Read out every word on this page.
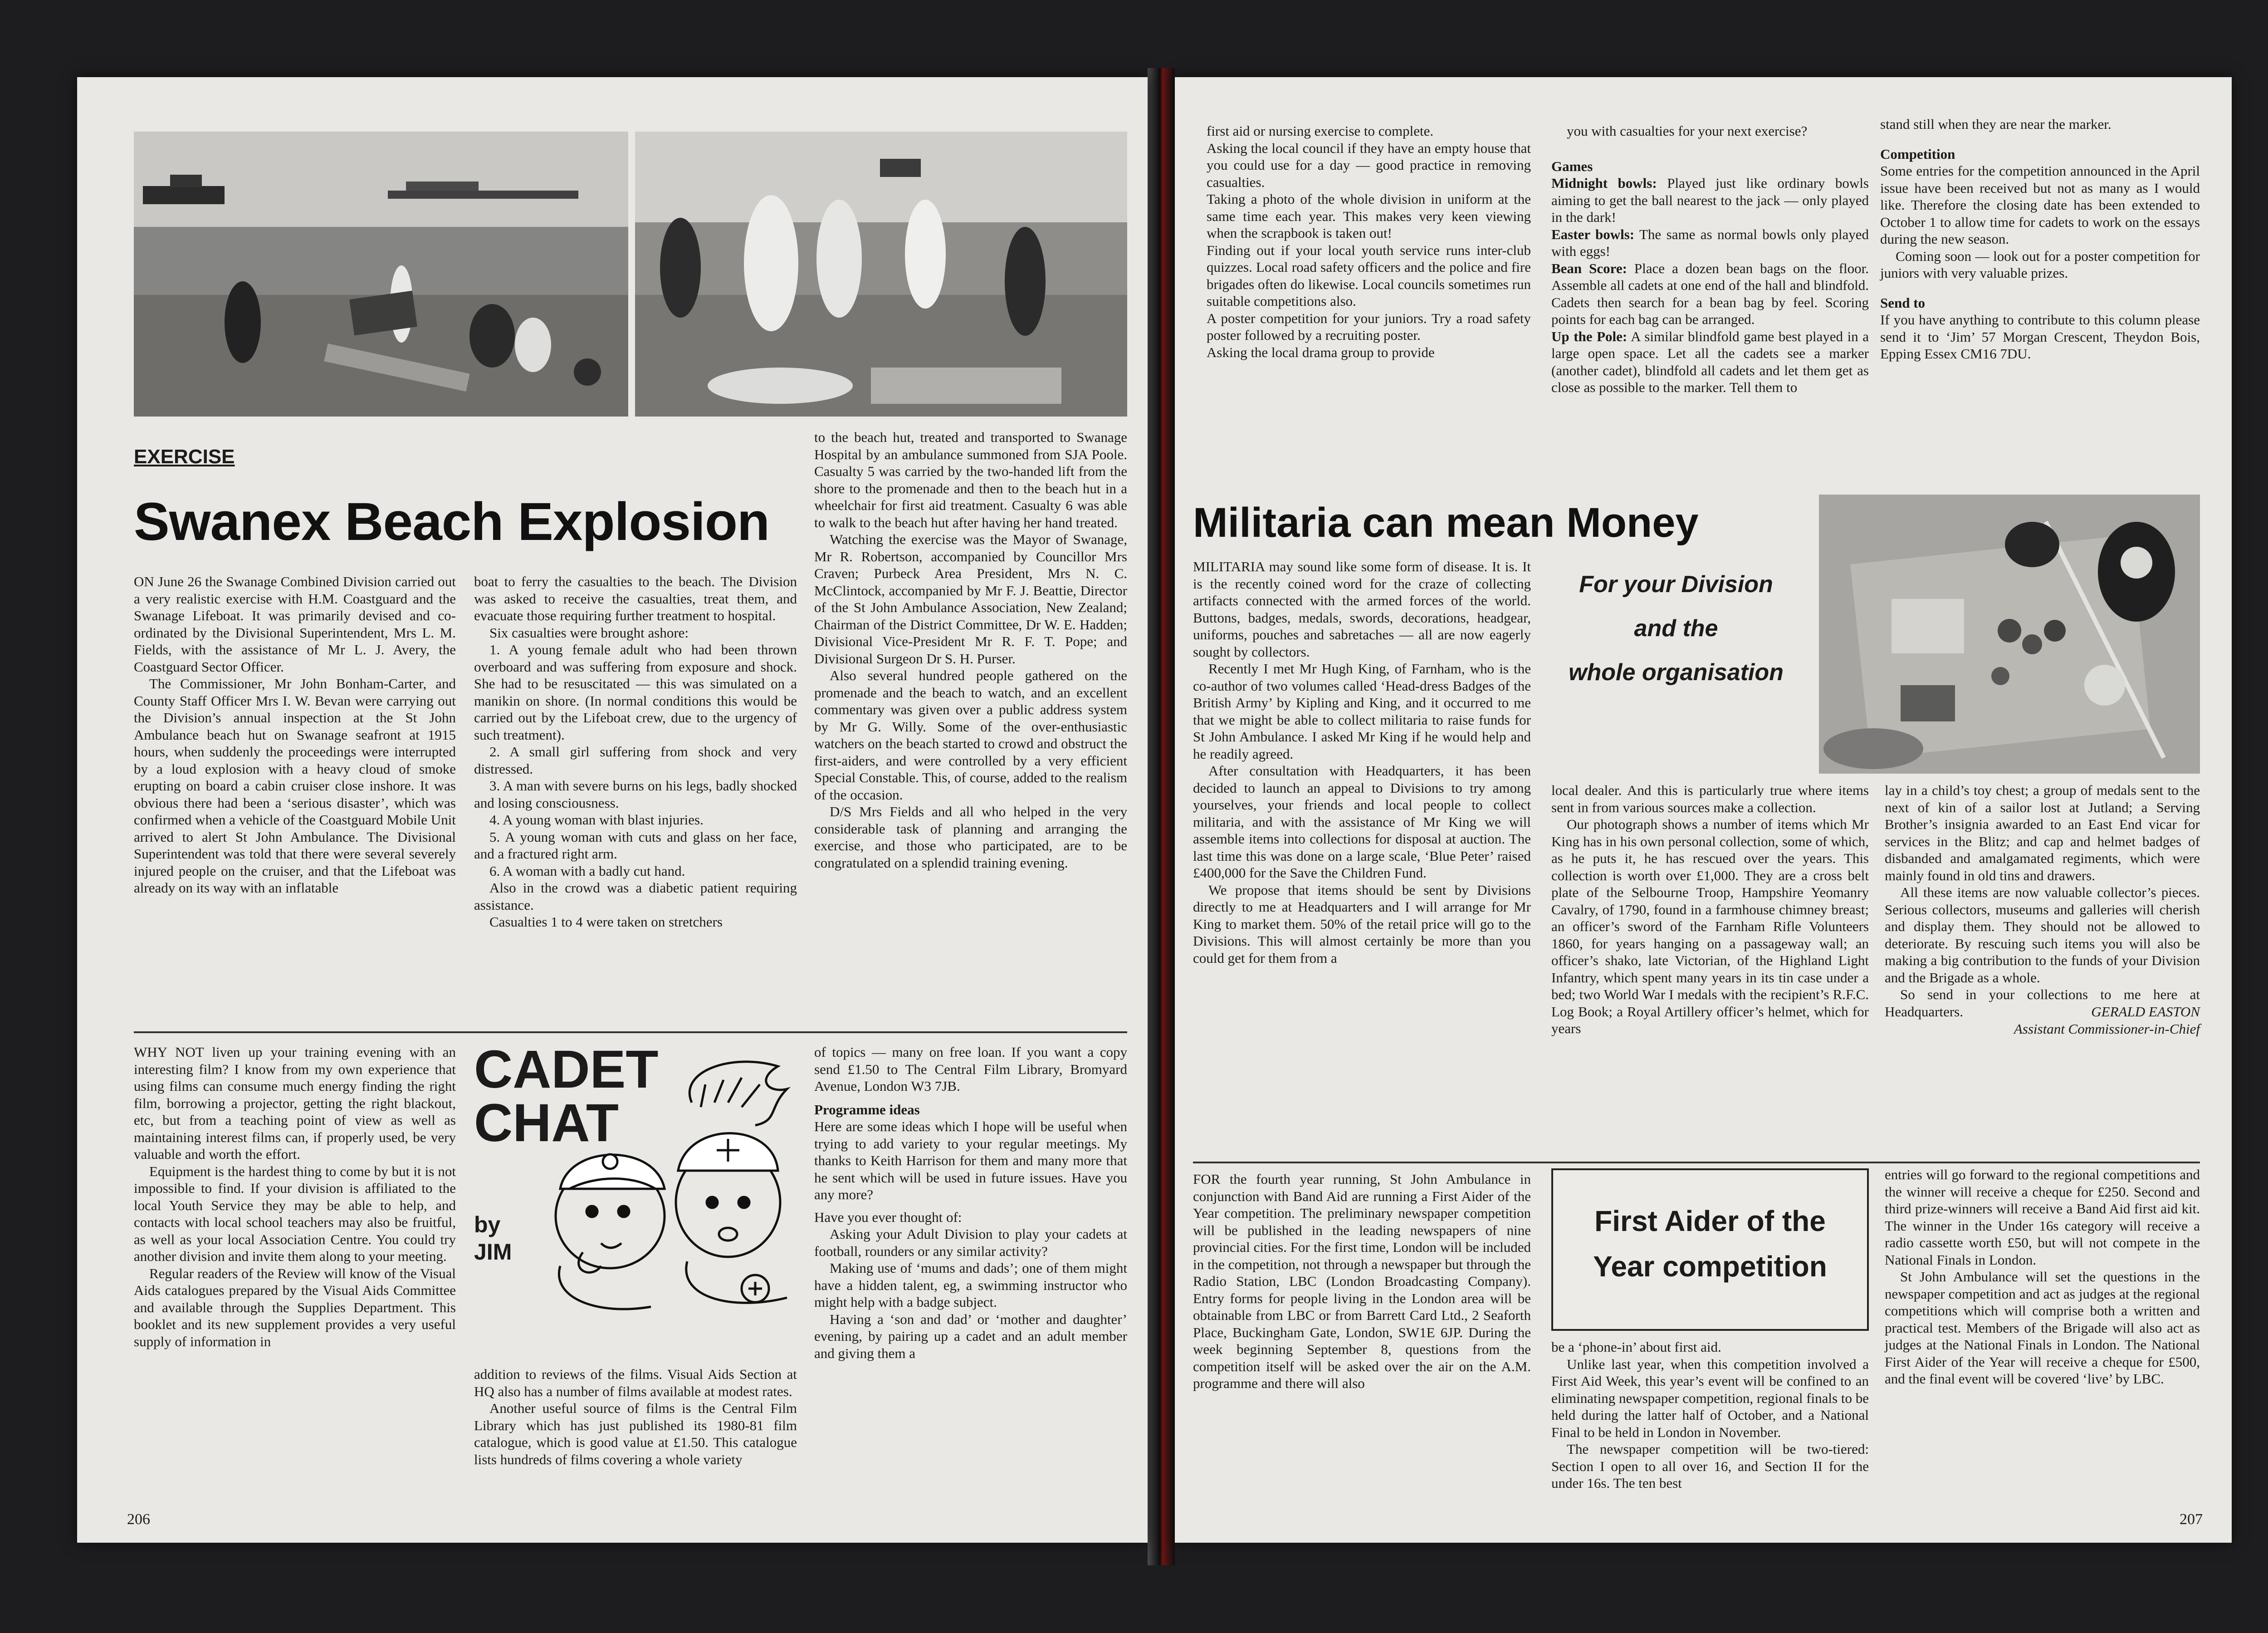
EXERCISE
Swanex Beach Explosion

ON June 26 the Swanage Combined Division carried out a very realistic exercise with H.M. Coastguard and the Swanage Lifeboat. It was primarily devised and co-ordinated by the Divisional Superintendent, Mrs L. M. Fields, with the assistance of Mr L. J. Avery, the Coastguard Sector Officer.

The Commissioner, Mr John Bonham-Carter, and County Staff Officer Mrs I. W. Bevan were carrying out the Division’s annual inspection at the St John Ambulance beach hut on Swanage seafront at 1915 hours, when suddenly the proceedings were interrupted by a loud explosion with a heavy cloud of smoke erupting on board a cabin cruiser close inshore. It was obvious there had been a ‘serious disaster’, which was confirmed when a vehicle of the Coastguard Mobile Unit arrived to alert St John Ambulance. The Divisional Superintendent was told that there were several severely injured people on the cruiser, and that the Lifeboat was already on its way with an inflatable

boat to ferry the casualties to the beach. The Division was asked to receive the casualties, treat them, and evacuate those requiring further treatment to hospital.

Six casualties were brought ashore:

1. A young female adult who had been thrown overboard and was suffering from exposure and shock. She had to be resuscitated — this was simulated on a manikin on shore. (In normal conditions this would be carried out by the Lifeboat crew, due to the urgency of such treatment).

2. A small girl suffering from shock and very distressed.

3. A man with severe burns on his legs, badly shocked and losing consciousness.

4. A young woman with blast injuries.

5. A young woman with cuts and glass on her face, and a fractured right arm.

6. A woman with a badly cut hand.

Also in the crowd was a diabetic patient requiring assistance.

Casualties 1 to 4 were taken on stretchers

to the beach hut, treated and transported to Swanage Hospital by an ambulance summoned from SJA Poole. Casualty 5 was carried by the two-handed lift from the shore to the promenade and then to the beach hut in a wheelchair for first aid treatment. Casualty 6 was able to walk to the beach hut after having her hand treated.

Watching the exercise was the Mayor of Swanage, Mr R. Robertson, accompanied by Councillor Mrs Craven; Purbeck Area President, Mrs N. C. McClintock, accompanied by Mr F. J. Beattie, Director of the St John Ambulance Association, New Zealand; Chairman of the District Committee, Dr W. E. Hadden; Divisional Vice-President Mr R. F. T. Pope; and Divisional Surgeon Dr S. H. Purser.

Also several hundred people gathered on the promenade and the beach to watch, and an excellent commentary was given over a public address system by Mr G. Willy. Some of the over-enthusiastic watchers on the beach started to crowd and obstruct the first-aiders, and were controlled by a very efficient Special Constable. This, of course, added to the realism of the occasion.

D/S Mrs Fields and all who helped in the very considerable task of planning and arranging the exercise, and those who participated, are to be congratulated on a splendid training evening.

WHY NOT liven up your training evening with an interesting film? I know from my own experience that using films can consume much energy finding the right film, borrowing a projector, getting the right blackout, etc, but from a teaching point of view as well as maintaining interest films can, if properly used, be very valuable and worth the effort.

Equipment is the hardest thing to come by but it is not impossible to find. If your division is affiliated to the local Youth Service they may be able to help, and contacts with local school teachers may also be fruitful, as well as your local Association Centre. You could try another division and invite them along to your meeting.

Regular readers of the Review will know of the Visual Aids catalogues prepared by the Visual Aids Committee and available through the Supplies Department. This booklet and its new supplement provides a very useful supply of information in

CADET
CHAT
by
JIM

addition to reviews of the films. Visual Aids Section at HQ also has a number of films available at modest rates.

Another useful source of films is the Central Film Library which has just published its 1980-81 film catalogue, which is good value at £1.50. This catalogue lists hundreds of films covering a whole variety

of topics — many on free loan. If you want a copy send £1.50 to The Central Film Library, Bromyard Avenue, London W3 7JB.

Programme ideas

Here are some ideas which I hope will be useful when trying to add variety to your regular meetings. My thanks to Keith Harrison for them and many more that he sent which will be used in future issues. Have you any more?

Have you ever thought of:

Asking your Adult Division to play your cadets at football, rounders or any similar activity?

Making use of ‘mums and dads’; one of them might have a hidden talent, eg, a swimming instructor who might help with a badge subject.

Having a ‘son and dad’ or ‘mother and daughter’ evening, by pairing up a cadet and an adult member and giving them a

206

first aid or nursing exercise to complete.

Asking the local council if they have an empty house that you could use for a day — good practice in removing casualties.

Taking a photo of the whole division in uniform at the same time each year. This makes very keen viewing when the scrapbook is taken out!

Finding out if your local youth service runs inter-club quizzes. Local road safety officers and the police and fire brigades often do likewise. Local councils sometimes run suitable competitions also.

A poster competition for your juniors. Try a road safety poster followed by a recruiting poster.

Asking the local drama group to provide

you with casualties for your next exercise?

Games

Midnight bowls: Played just like ordinary bowls aiming to get the ball nearest to the jack — only played in the dark!

Easter bowls: The same as normal bowls only played with eggs!

Bean Score: Place a dozen bean bags on the floor. Assemble all cadets at one end of the hall and blindfold. Cadets then search for a bean bag by feel. Scoring points for each bag can be arranged.

Up the Pole: A similar blindfold game best played in a large open space. Let all the cadets see a marker (another cadet), blindfold all cadets and let them get as close as possible to the marker. Tell them to

stand still when they are near the marker.

Competition

Some entries for the competition announced in the April issue have been received but not as many as I would like. Therefore the closing date has been extended to October 1 to allow time for cadets to work on the essays during the new season.

Coming soon — look out for a poster competition for juniors with very valuable prizes.

Send to

If you have anything to contribute to this column please send it to ‘Jim’ 57 Morgan Crescent, Theydon Bois, Epping Essex CM16 7DU.

Militaria can mean Money
For your Division
and the
whole organisation

MILITARIA may sound like some form of disease. It is. It is the recently coined word for the craze of collecting artifacts connected with the armed forces of the world. Buttons, badges, medals, swords, decorations, headgear, uniforms, pouches and sabretaches — all are now eagerly sought by collectors.

Recently I met Mr Hugh King, of Farnham, who is the co-author of two volumes called ‘Head-dress Badges of the British Army’ by Kipling and King, and it occurred to me that we might be able to collect militaria to raise funds for St John Ambulance. I asked Mr King if he would help and he readily agreed.

After consultation with Headquarters, it has been decided to launch an appeal to Divisions to try among yourselves, your friends and local people to collect militaria, and with the assistance of Mr King we will assemble items into collections for disposal at auction. The last time this was done on a large scale, ‘Blue Peter’ raised £400,000 for the Save the Children Fund.

We propose that items should be sent by Divisions directly to me at Headquarters and I will arrange for Mr King to market them. 50% of the retail price will go to the Divisions. This will almost certainly be more than you could get for them from a

local dealer. And this is particularly true where items sent in from various sources make a collection.

Our photograph shows a number of items which Mr King has in his own personal collection, some of which, as he puts it, he has rescued over the years. This collection is worth over £1,000. They are a cross belt plate of the Selbourne Troop, Hampshire Yeomanry Cavalry, of 1790, found in a farmhouse chimney breast; an officer’s sword of the Farnham Rifle Volunteers 1860, for years hanging on a passageway wall; an officer’s shako, late Victorian, of the Highland Light Infantry, which spent many years in its tin case under a bed; two World War I medals with the recipient’s R.F.C. Log Book; a Royal Artillery officer’s helmet, which for years

lay in a child’s toy chest; a group of medals sent to the next of kin of a sailor lost at Jutland; a Serving Brother’s insignia awarded to an East End vicar for services in the Blitz; and cap and helmet badges of disbanded and amalgamated regiments, which were mainly found in old tins and drawers.

All these items are now valuable collector’s pieces. Serious collectors, museums and galleries will cherish and display them. They should not be allowed to deteriorate. By rescuing such items you will also be making a big contribution to the funds of your Division and the Brigade as a whole.

So send in your collections to me here at Headquarters.	GERALD EASTON
Assistant Commissioner-in-Chief

FOR the fourth year running, St John Ambulance in conjunction with Band Aid are running a First Aider of the Year competition. The preliminary newspaper competition will be published in the leading newspapers of nine provincial cities. For the first time, London will be included in the competition, not through a newspaper but through the Radio Station, LBC (London Broadcasting Company). Entry forms for people living in the London area will be obtainable from LBC or from Barrett Card Ltd., 2 Seaforth Place, Buckingham Gate, London, SW1E 6JP. During the week beginning September 8, questions from the competition itself will be asked over the air on the A.M. programme and there will also

First Aider of the
Year competition

be a ‘phone-in’ about first aid.

Unlike last year, when this competition involved a First Aid Week, this year’s event will be confined to an eliminating newspaper competition, regional finals to be held during the latter half of October, and a National Final to be held in London in November.

The newspaper competition will be two-tiered: Section I open to all over 16, and Section II for the under 16s. The ten best

entries will go forward to the regional competitions and the winner will receive a cheque for £250. Second and third prize-winners will receive a Band Aid first aid kit. The winner in the Under 16s category will receive a radio cassette worth £50, but will not compete in the National Finals in London.

St John Ambulance will set the questions in the newspaper competition and act as judges at the regional competitions which will comprise both a written and practical test. Members of the Brigade will also act as judges at the National Finals in London. The National First Aider of the Year will receive a cheque for £500, and the final event will be covered ‘live’ by LBC.

207
